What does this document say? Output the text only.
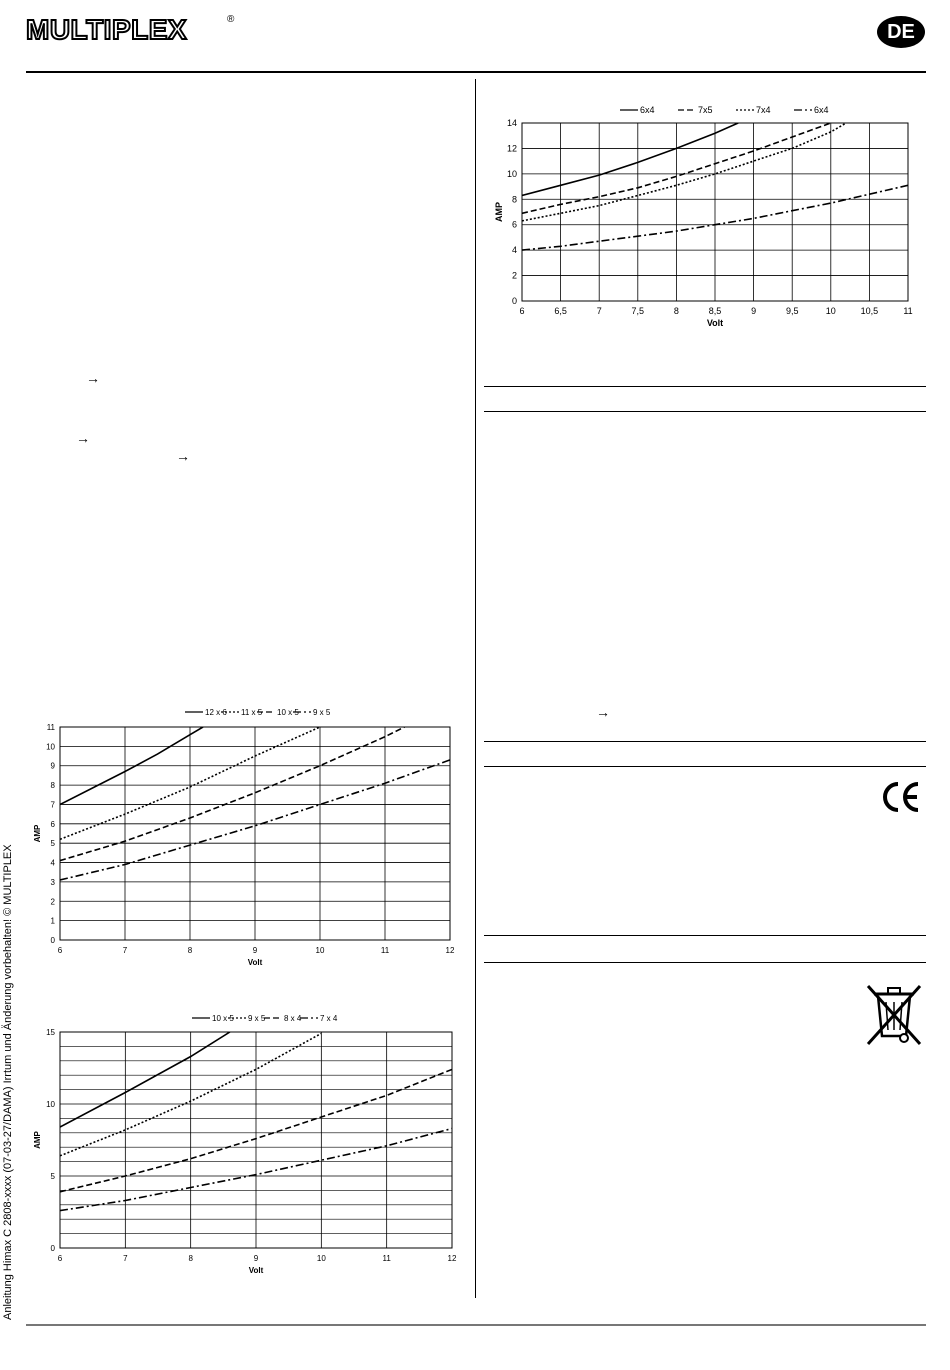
MULTIPLEX	®
DE
→
→
→
→
Anleitung Himax C 2808-xxxx (07-03-27/DAMA) Irrtum und Änderung vorbehalten! © MULTIPLEX
CE
6	6,5	7	7,5	8	8,5	9	9,5	10	10,5	11
0
2
4
6
8
10
12
14
Volt
AMP
6x4	7x5	7x4	6x4
6	7	8	9	10	11	12
0
1
2
3
4
5
6
7
8
9
10
11
Volt
AMP
12 x 6 11 x 5 10 x 5 9 x 5
6	7	8	9	10	11	12
0
5
10
15
Volt
AMP
10 x 5 9 x 5 8 x 4 7 x 4
